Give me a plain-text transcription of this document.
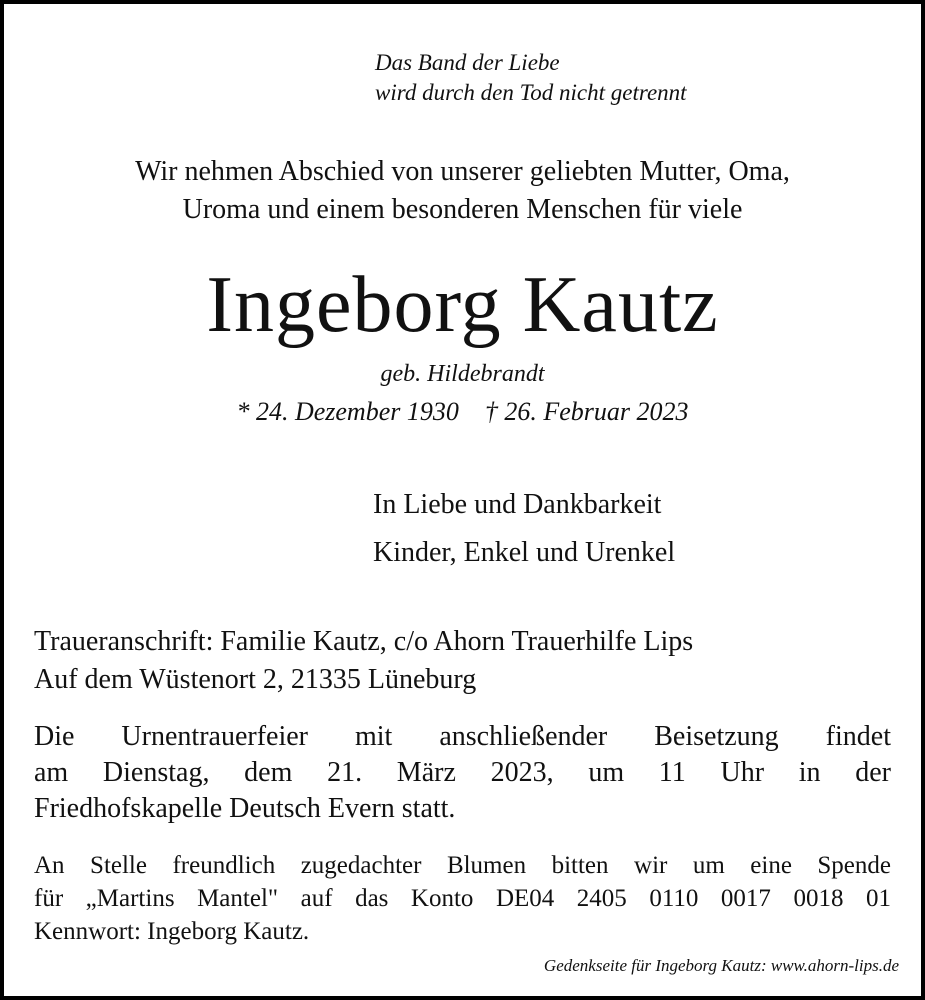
Das Band der Liebe
wird durch den Tod nicht getrennt
Wir nehmen Abschied von unserer geliebten Mutter, Oma,
Uroma und einem besonderen Menschen für viele
Ingeborg Kautz
geb. Hildebrandt
* 24. Dezember 1930 † 26. Februar 2023
In Liebe und Dankbarkeit
Kinder, Enkel und Urenkel
Traueranschrift: Familie Kautz, c/o Ahorn Trauerhilfe Lips
Auf dem Wüstenort 2, 21335 Lüneburg
Die Urnentrauerfeier mit anschließender Beisetzung findet
am Dienstag, dem 21. März 2023, um 11 Uhr in der
Friedhofskapelle Deutsch Evern statt.
An Stelle freundlich zugedachter Blumen bitten wir um eine Spende
für „Martins Mantel" auf das Konto DE04 2405 0110 0017 0018 01
Kennwort: Ingeborg Kautz.
Gedenkseite für Ingeborg Kautz: www.ahorn-lips.de
